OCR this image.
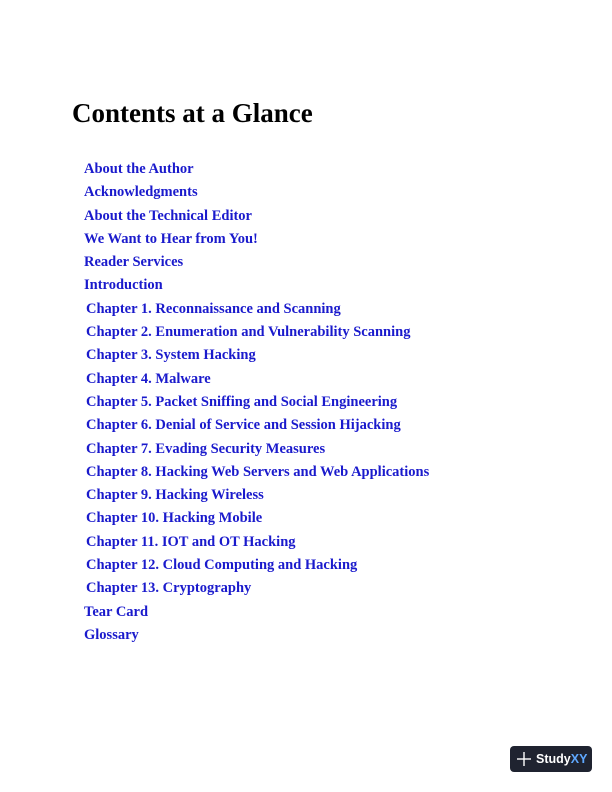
Contents at a Glance
About the Author
Acknowledgments
About the Technical Editor
We Want to Hear from You!
Reader Services
Introduction
Chapter 1. Reconnaissance and Scanning
Chapter 2. Enumeration and Vulnerability Scanning
Chapter 3. System Hacking
Chapter 4. Malware
Chapter 5. Packet Sniffing and Social Engineering
Chapter 6. Denial of Service and Session Hijacking
Chapter 7. Evading Security Measures
Chapter 8. Hacking Web Servers and Web Applications
Chapter 9. Hacking Wireless
Chapter 10. Hacking Mobile
Chapter 11. IOT and OT Hacking
Chapter 12. Cloud Computing and Hacking
Chapter 13. Cryptography
Tear Card
Glossary
Study XY
